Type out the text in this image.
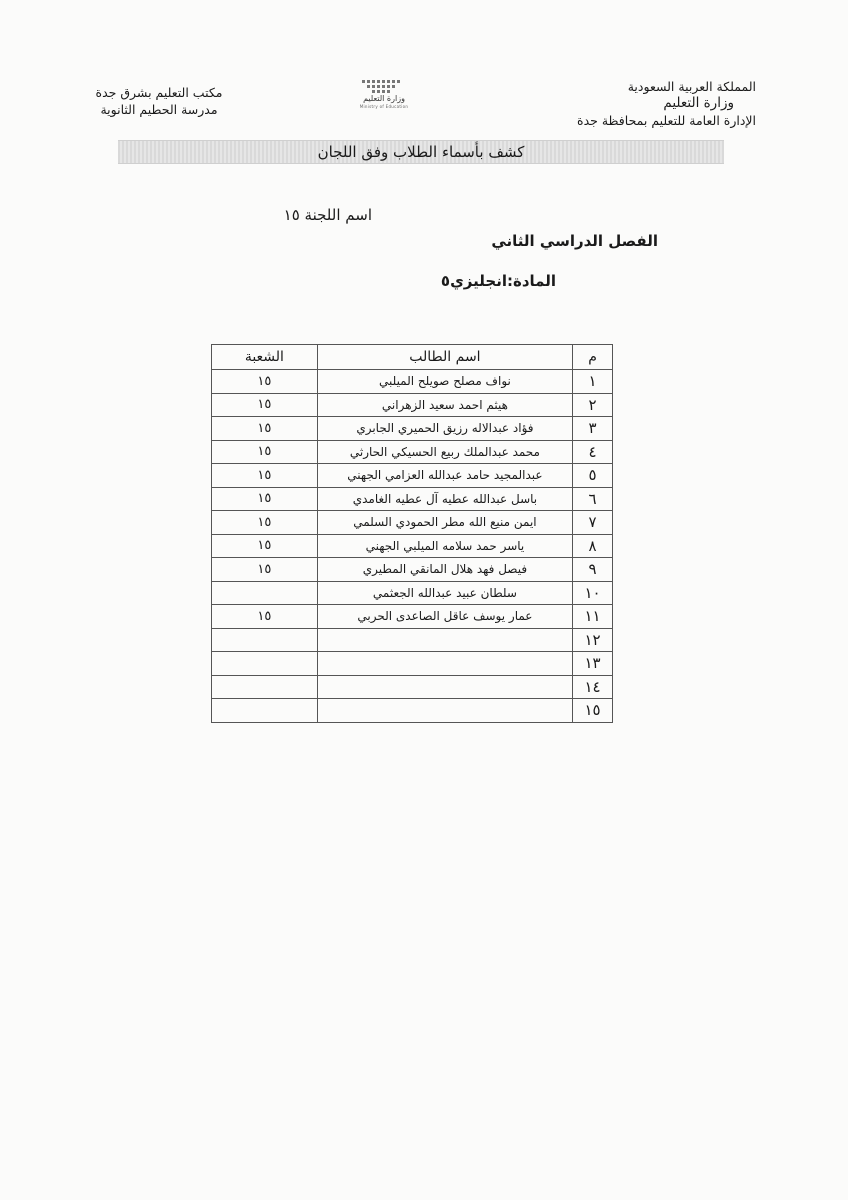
المملكة العربية السعودية
وزارة التعليم
الإدارة العامة للتعليم بمحافظة جدة
وزارة التعليم
Ministry of Education
مكتب التعليم بشرق جدة
مدرسة الحطيم الثانوية
كشف بأسماء الطلاب وفق اللجان
اسم اللجنة ١٥
الفصل الدراسي الثاني
المادة:انجليزي٥
م	اسم الطالب	الشعبة
١	نواف مصلح صويلح الميلبي	١٥
٢	هيثم احمد سعيد الزهراني	١٥
٣	فؤاد عبدالاله رزيق الحميري الجابري	١٥
٤	محمد عبدالملك ربيع الحسيكي الحارثي	١٥
٥	عبدالمجيد حامد عبدالله العزامي الجهني	١٥
٦	باسل عبدالله عطيه آل عطيه الغامدي	١٥
٧	ايمن منيع الله مطر الحمودي السلمي	١٥
٨	ياسر حمد سلامه الميلبي الجهني	١٥
٩	فيصل فهد هلال المانقي المطيري	١٥
١٠	سلطان عبيد عبدالله الجعثمي	
١١	عمار يوسف عاقل الصاعدى الحربي	١٥
١٢		
١٣		
١٤		
١٥		
